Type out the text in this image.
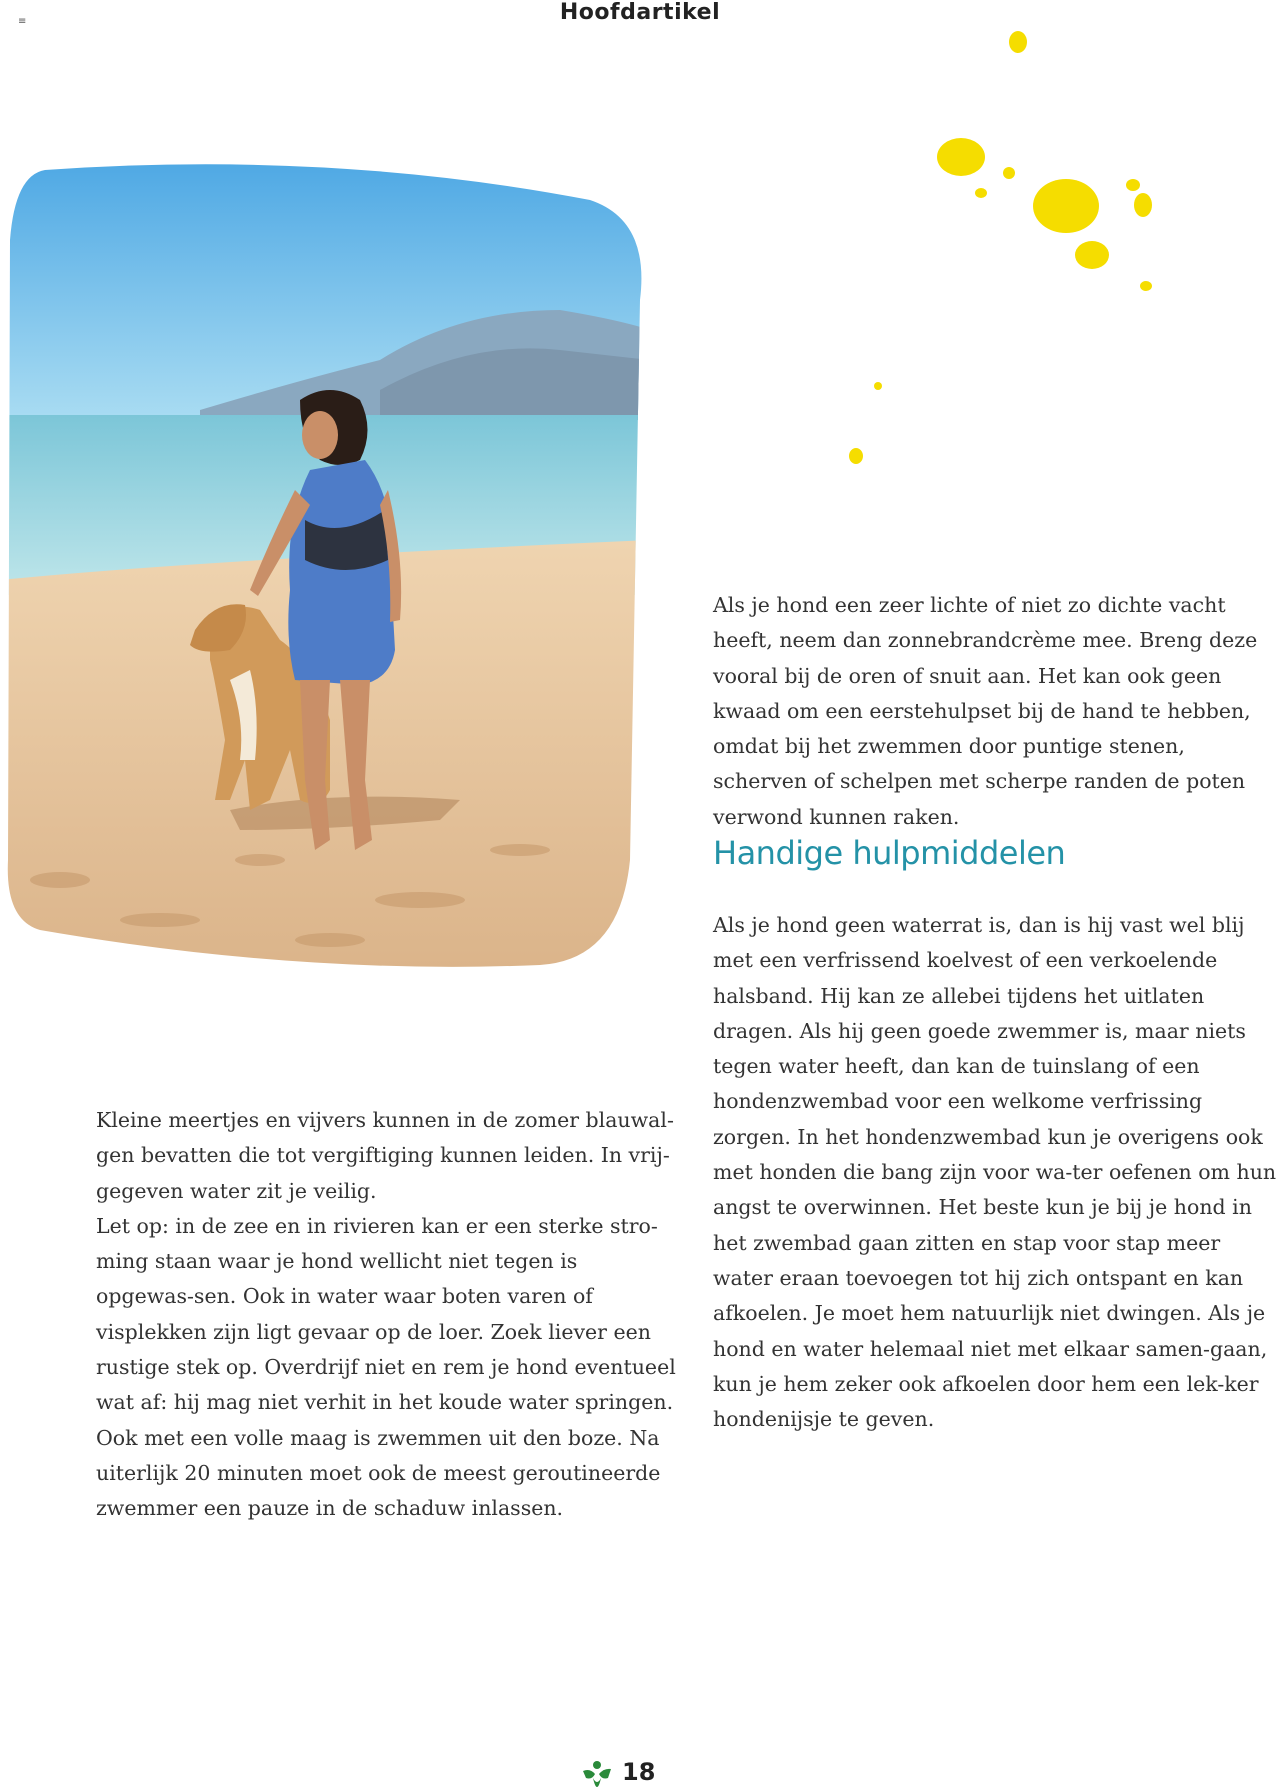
≡	Hoofdartikel

Kleine meertjes en vijvers kunnen in de zomer blauwal-gen bevatten die tot vergiftiging kunnen leiden. In vrij-gegeven water zit je veilig.

Let op: in de zee en in rivieren kan er een sterke stro-ming staan waar je hond wellicht niet tegen is opgewas-sen. Ook in water waar boten varen of visplekken zijn ligt gevaar op de loer. Zoek liever een rustige stek op. Overdrijf niet en rem je hond eventueel wat af: hij mag niet verhit in het koude water springen. Ook met een volle maag is zwemmen uit den boze. Na uiterlijk 20 minuten moet ook de meest geroutineerde zwemmer een pauze in de schaduw inlassen.

Als je hond een zeer lichte of niet zo dichte vacht heeft, neem dan zonnebrandcrème mee. Breng deze vooral bij de oren of snuit aan. Het kan ook geen kwaad om een eerstehulpset bij de hand te hebben, omdat bij het zwemmen door puntige stenen, scherven of schelpen met scherpe randen de poten verwond kunnen raken.

Handige hulpmiddelen

Als je hond geen waterrat is, dan is hij vast wel blij met een verfrissend koelvest of een verkoelende halsband. Hij kan ze allebei tijdens het uitlaten dragen. Als hij geen goede zwemmer is, maar niets tegen water heeft, dan kan de tuinslang of een hondenzwembad voor een welkome verfrissing zorgen. In het hondenzwembad kun je overigens ook met honden die bang zijn voor wa-ter oefenen om hun angst te overwinnen. Het beste kun je bij je hond in het zwembad gaan zitten en stap voor stap meer water eraan toevoegen tot hij zich ontspant en kan afkoelen. Je moet hem natuurlijk niet dwingen. Als je hond en water helemaal niet met elkaar samen-gaan, kun je hem zeker ook afkoelen door hem een lek-ker hondenijsje te geven.

18
